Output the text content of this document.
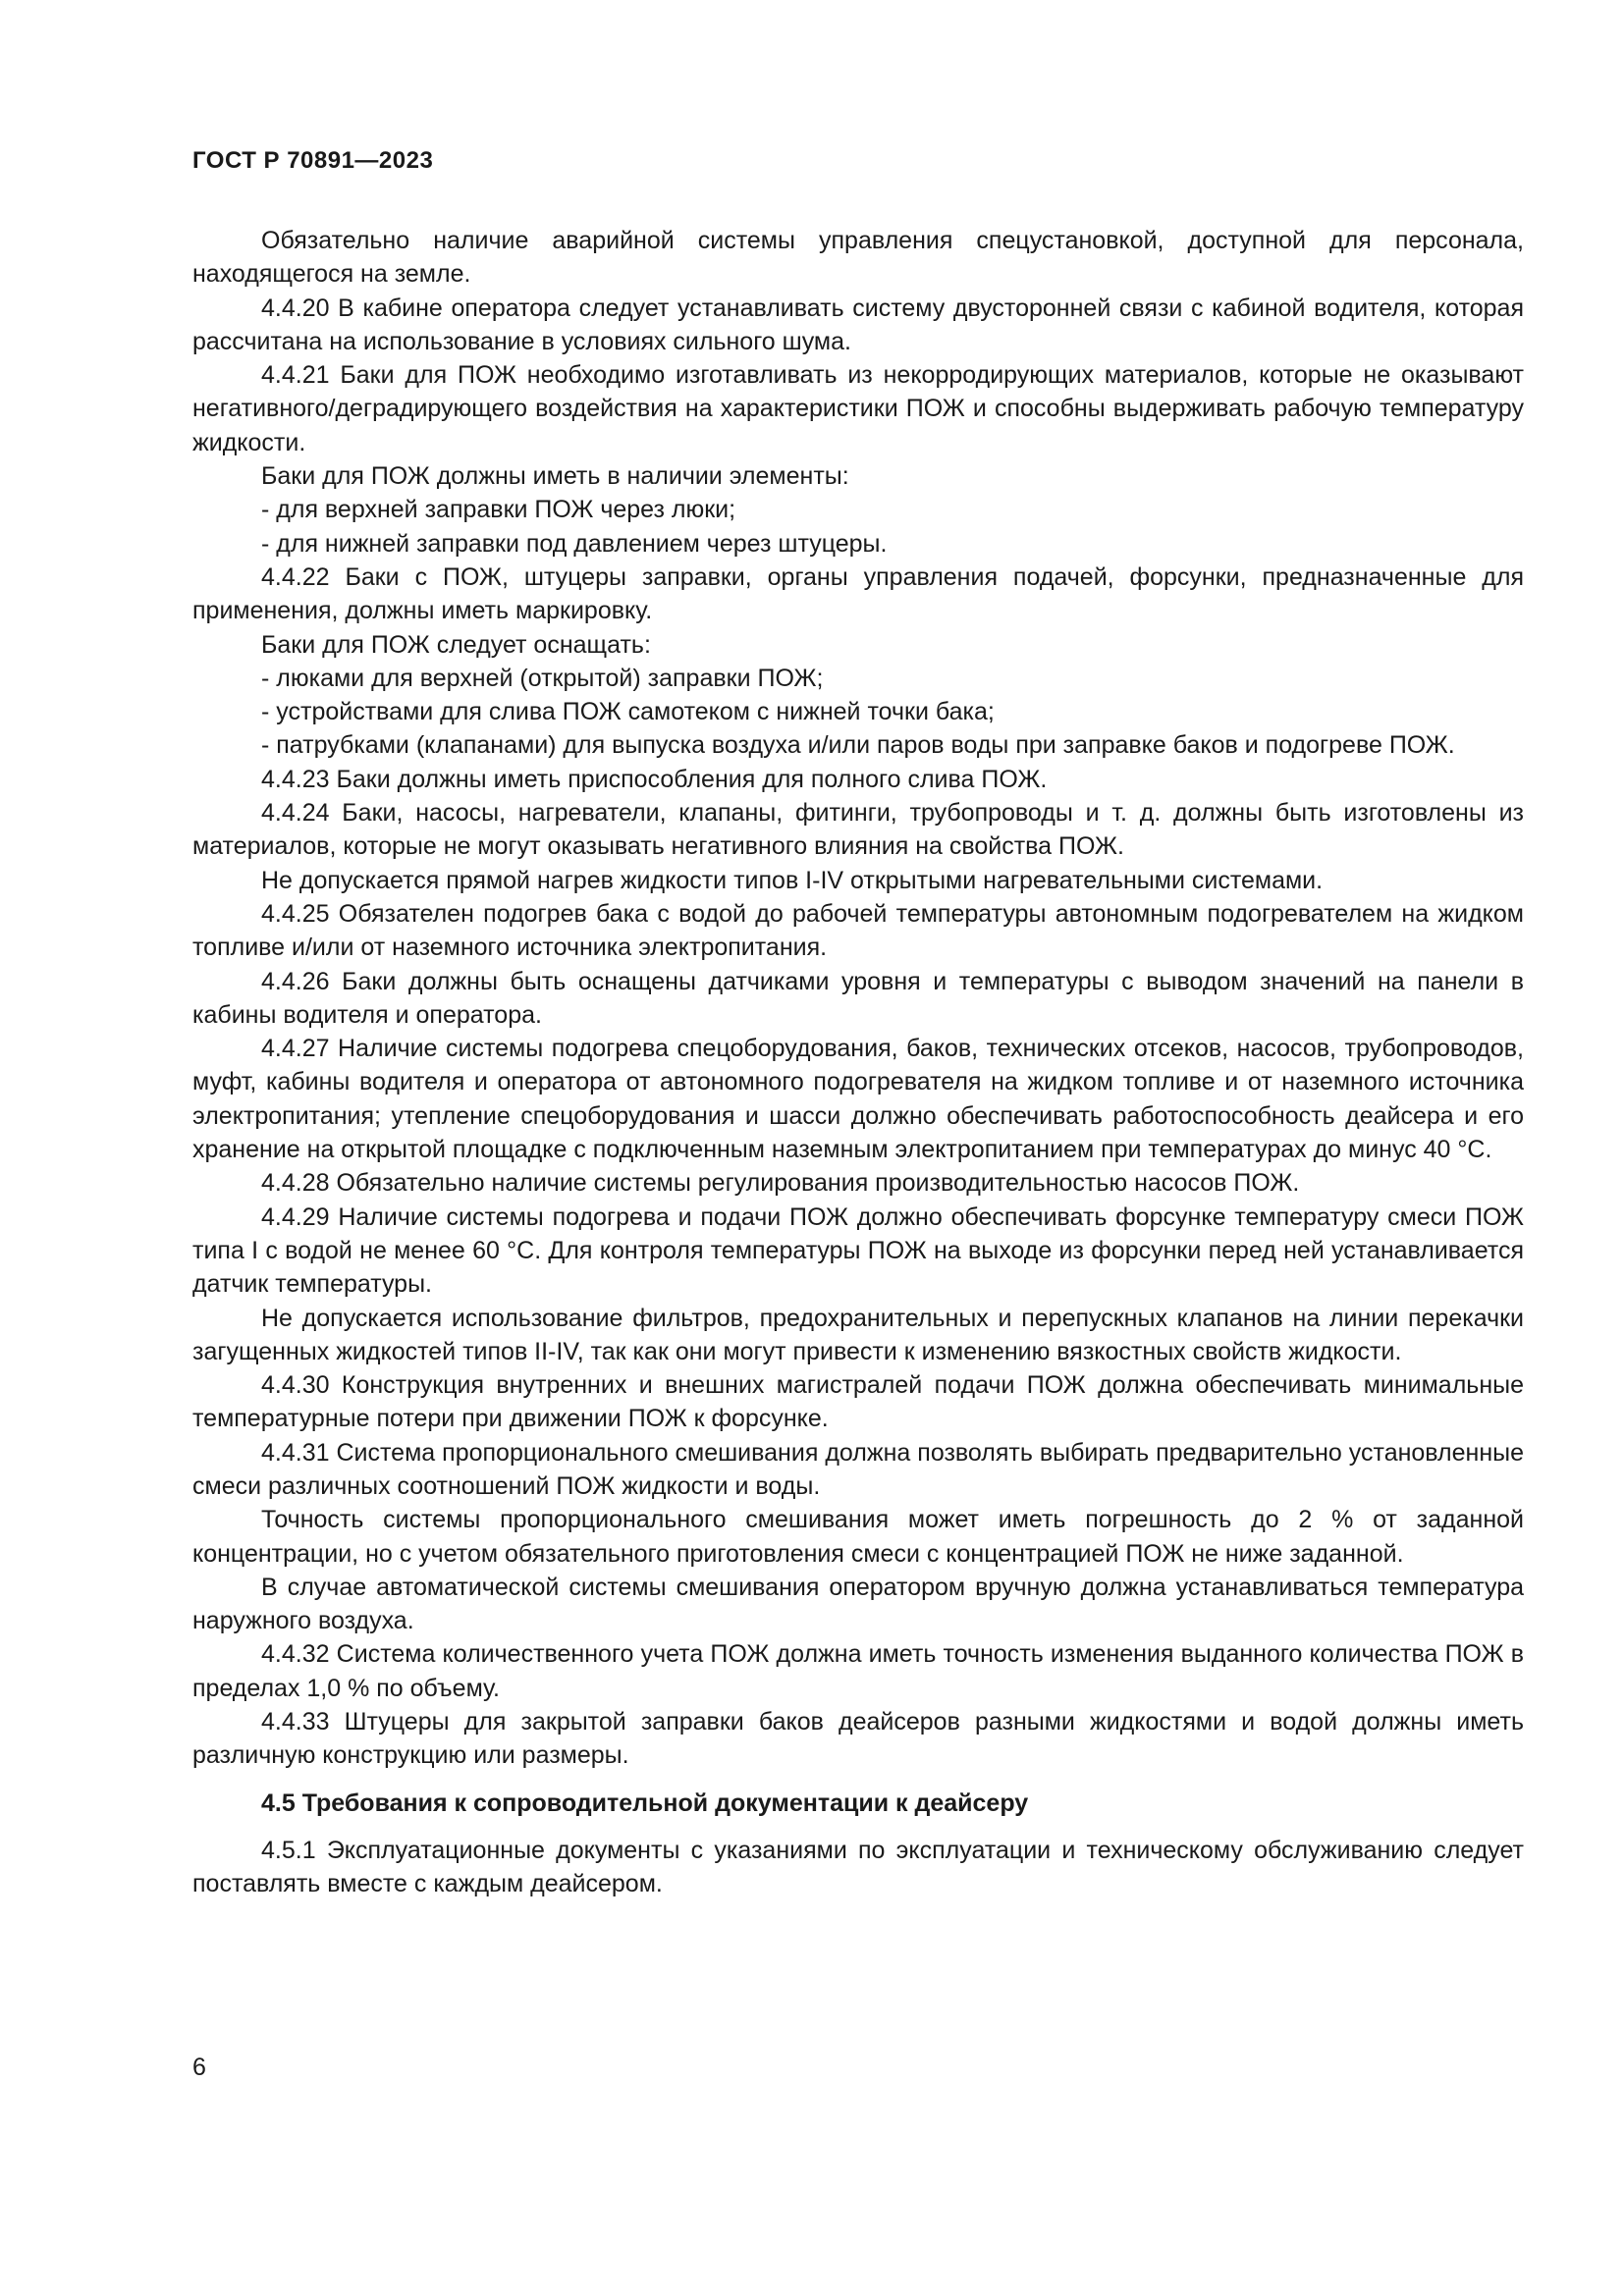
ГОСТ Р 70891—2023

Обязательно наличие аварийной системы управления спецустановкой, доступной для персонала, находящегося на земле.

4.4.20 В кабине оператора следует устанавливать систему двусторонней связи с кабиной водителя, которая рассчитана на использование в условиях сильного шума.

4.4.21 Баки для ПОЖ необходимо изготавливать из некорродирующих материалов, которые не оказывают негативного/деградирующего воздействия на характеристики ПОЖ и способны выдерживать рабочую температуру жидкости.

Баки для ПОЖ должны иметь в наличии элементы:

- для верхней заправки ПОЖ через люки;

- для нижней заправки под давлением через штуцеры.

4.4.22 Баки с ПОЖ, штуцеры заправки, органы управления подачей, форсунки, предназначенные для применения, должны иметь маркировку.

Баки для ПОЖ следует оснащать:

- люками для верхней (открытой) заправки ПОЖ;

- устройствами для слива ПОЖ самотеком с нижней точки бака;

- патрубками (клапанами) для выпуска воздуха и/или паров воды при заправке баков и подогреве ПОЖ.

4.4.23 Баки должны иметь приспособления для полного слива ПОЖ.

4.4.24 Баки, насосы, нагреватели, клапаны, фитинги, трубопроводы и т. д. должны быть изготовлены из материалов, которые не могут оказывать негативного влияния на свойства ПОЖ.

Не допускается прямой нагрев жидкости типов I-IV открытыми нагревательными системами.

4.4.25 Обязателен подогрев бака с водой до рабочей температуры автономным подогревателем на жидком топливе и/или от наземного источника электропитания.

4.4.26 Баки должны быть оснащены датчиками уровня и температуры с выводом значений на панели в кабины водителя и оператора.

4.4.27 Наличие системы подогрева спецоборудования, баков, технических отсеков, насосов, трубопроводов, муфт, кабины водителя и оператора от автономного подогревателя на жидком топливе и от наземного источника электропитания; утепление спецоборудования и шасси должно обеспечивать работоспособность деайсера и его хранение на открытой площадке с подключенным наземным электропитанием при температурах до минус 40 °С.

4.4.28 Обязательно наличие системы регулирования производительностью насосов ПОЖ.

4.4.29 Наличие системы подогрева и подачи ПОЖ должно обеспечивать форсунке температуру смеси ПОЖ типа I с водой не менее 60 °С. Для контроля температуры ПОЖ на выходе из форсунки перед ней устанавливается датчик температуры.

Не допускается использование фильтров, предохранительных и перепускных клапанов на линии перекачки загущенных жидкостей типов II-IV, так как они могут привести к изменению вязкостных свойств жидкости.

4.4.30 Конструкция внутренних и внешних магистралей подачи ПОЖ должна обеспечивать минимальные температурные потери при движении ПОЖ к форсунке.

4.4.31 Система пропорционального смешивания должна позволять выбирать предварительно установленные смеси различных соотношений ПОЖ жидкости и воды.

Точность системы пропорционального смешивания может иметь погрешность до 2 % от заданной концентрации, но с учетом обязательного приготовления смеси с концентрацией ПОЖ не ниже заданной.

В случае автоматической системы смешивания оператором вручную должна устанавливаться температура наружного воздуха.

4.4.32 Система количественного учета ПОЖ должна иметь точность изменения выданного количества ПОЖ в пределах 1,0 % по объему.

4.4.33 Штуцеры для закрытой заправки баков деайсеров разными жидкостями и водой должны иметь различную конструкцию или размеры.

4.5 Требования к сопроводительной документации к деайсеру

4.5.1 Эксплуатационные документы с указаниями по эксплуатации и техническому обслуживанию следует поставлять вместе с каждым деайсером.

6
